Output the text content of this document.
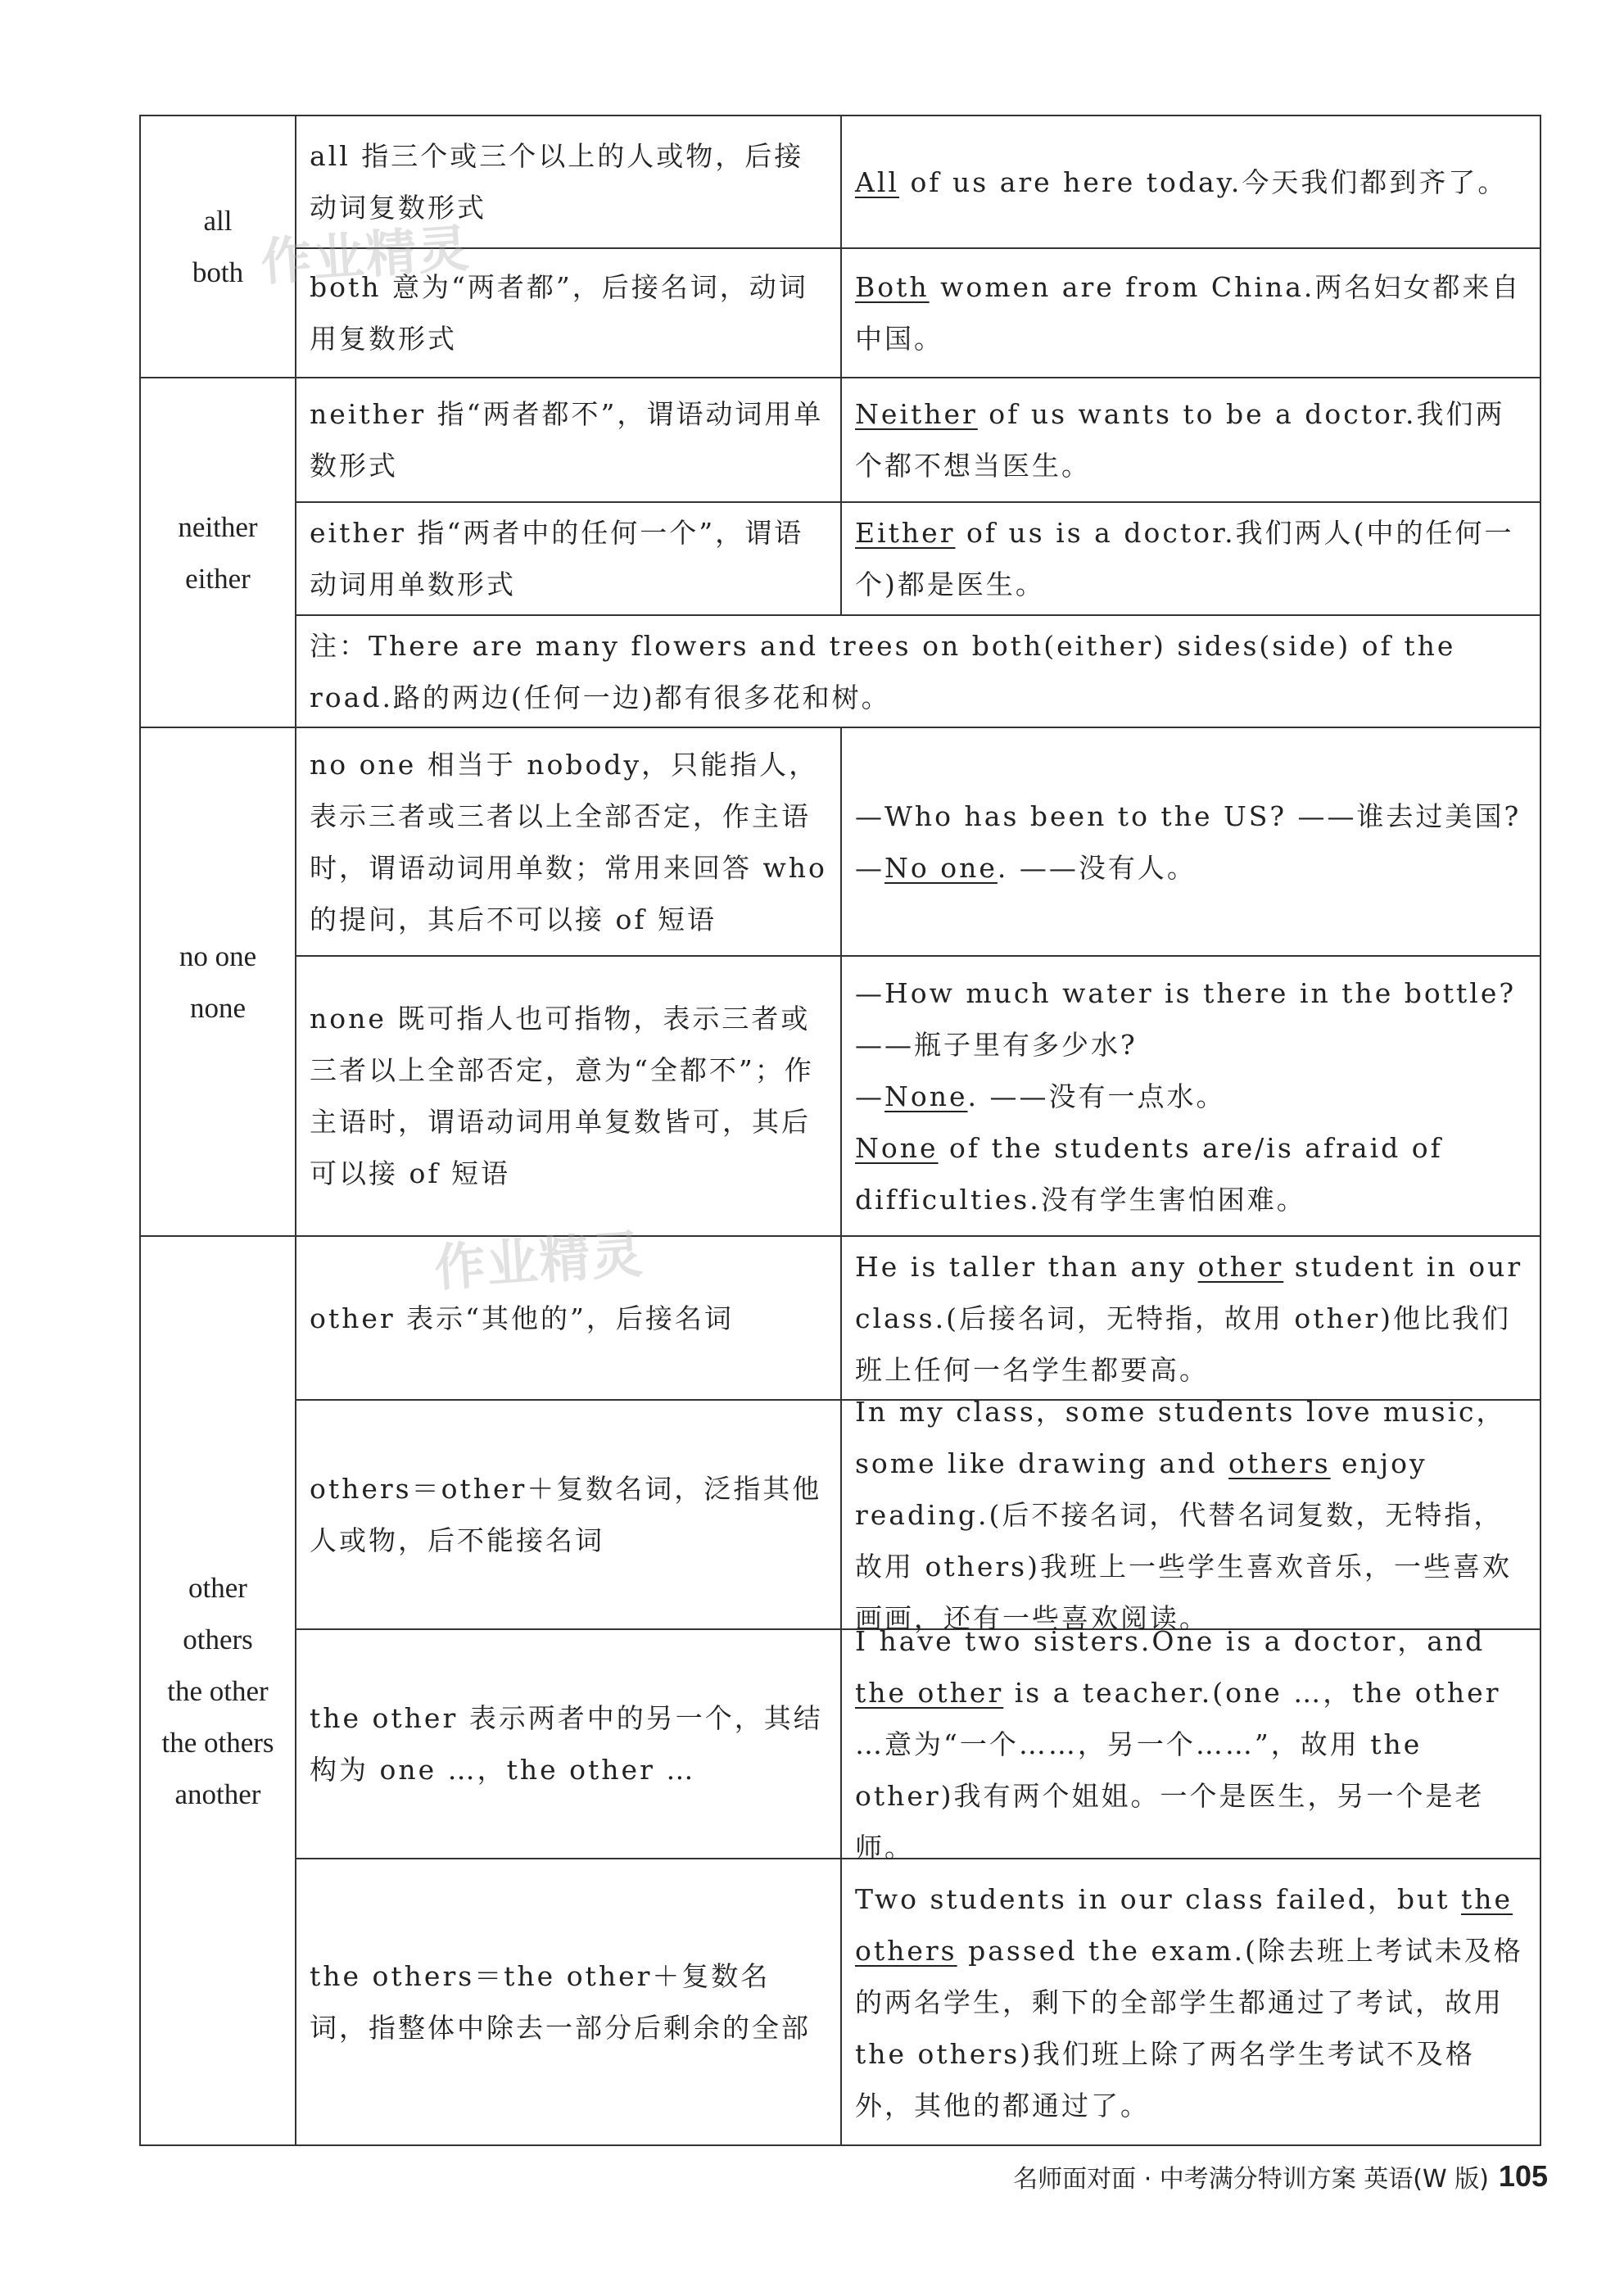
all
both
all 指三个或三个以上的人或物，后接动词复数形式
All of us are here today.今天我们都到齐了。
both 意为“两者都”，后接名词，动词用复数形式
Both women are from China.两名妇女都来自中国。
neither
either
neither 指“两者都不”，谓语动词用单数形式
Neither of us wants to be a doctor.我们两个都不想当医生。
either 指“两者中的任何一个”，谓语动词用单数形式
Either of us is a doctor.我们两人(中的任何一个)都是医生。
注：There are many flowers and trees on both(either) sides(side) of the road.路的两边(任何一边)都有很多花和树。
no one
none
no one 相当于 nobody，只能指人，表示三者或三者以上全部否定，作主语时，谓语动词用单数；常用来回答 who 的提问，其后不可以接 of 短语
—Who has been to the US? ——谁去过美国?
—No one. ——没有人。
none 既可指人也可指物，表示三者或三者以上全部否定，意为“全都不”；作主语时，谓语动词用单复数皆可，其后可以接 of 短语
—How much water is there in the bottle?
——瓶子里有多少水?
—None. ——没有一点水。
None of the students are/is afraid of difficulties.没有学生害怕困难。
other
others
the other
the others
another
other 表示“其他的”，后接名词
He is taller than any other student in our class.(后接名词，无特指，故用 other)他比我们班上任何一名学生都要高。
others＝other＋复数名词，泛指其他人或物，后不能接名词
In my class，some students love music，some like drawing and others enjoy reading.(后不接名词，代替名词复数，无特指，故用 others)我班上一些学生喜欢音乐，一些喜欢画画，还有一些喜欢阅读。
the other 表示两者中的另一个，其结构为 one …，the other …
I have two sisters.One is a doctor，and the other is a teacher.(one …，the other …意为“一个……，另一个……”，故用 the other)我有两个姐姐。一个是医生，另一个是老师。
the others＝the other＋复数名词，指整体中除去一部分后剩余的全部
Two students in our class failed，but the others passed the exam.(除去班上考试未及格的两名学生，剩下的全部学生都通过了考试，故用 the others)我们班上除了两名学生考试不及格外，其他的都通过了。
作业精灵
作业精灵
名师面对面 · 中考满分特训方案 英语(W 版) 105
